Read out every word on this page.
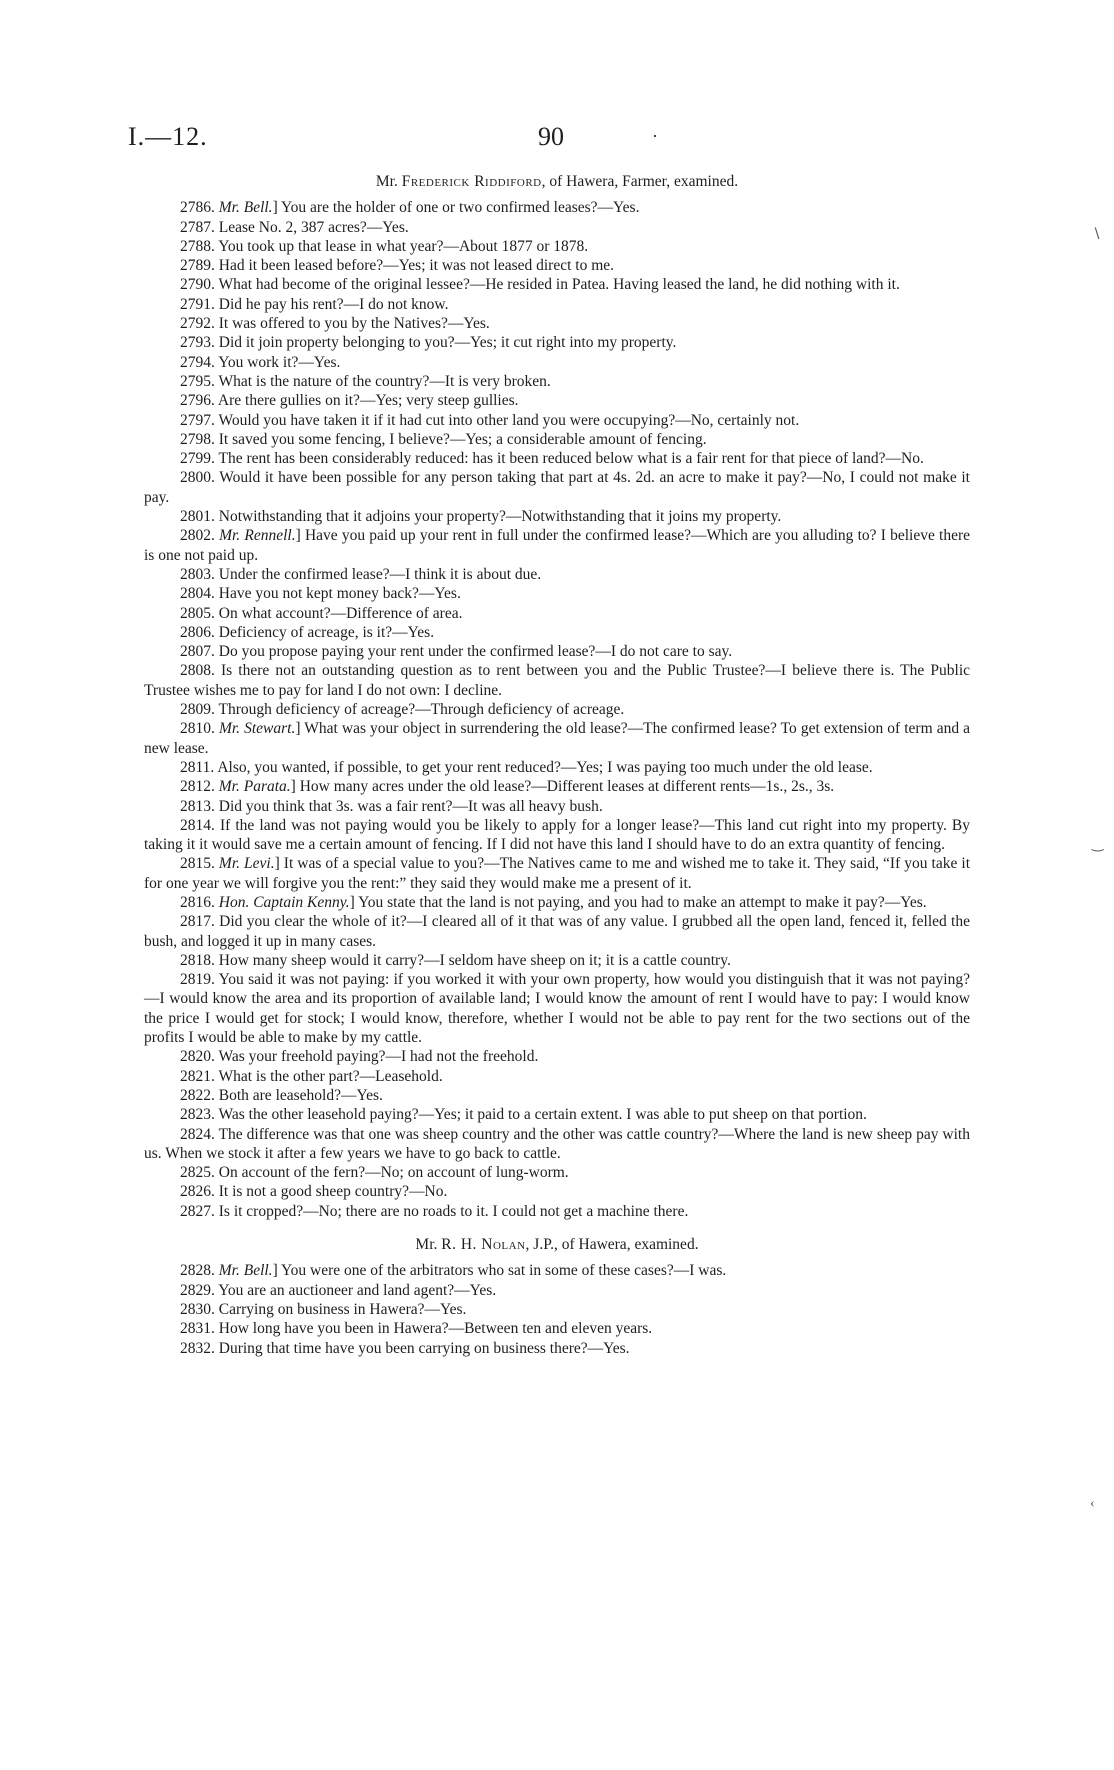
I.—12.	90	·
∖
‿
‹
Mr. Frederick Riddiford, of Hawera, Farmer, examined.

2786. Mr. Bell.] You are the holder of one or two confirmed leases?—Yes.

2787. Lease No. 2, 387 acres?—Yes.

2788. You took up that lease in what year?—About 1877 or 1878.

2789. Had it been leased before?—Yes; it was not leased direct to me.

2790. What had become of the original lessee?—He resided in Patea. Having leased the land, he did nothing with it.

2791. Did he pay his rent?—I do not know.

2792. It was offered to you by the Natives?—Yes.

2793. Did it join property belonging to you?—Yes; it cut right into my property.

2794. You work it?—Yes.

2795. What is the nature of the country?—It is very broken.

2796. Are there gullies on it?—Yes; very steep gullies.

2797. Would you have taken it if it had cut into other land you were occupying?—No, certainly not.

2798. It saved you some fencing, I believe?—Yes; a considerable amount of fencing.

2799. The rent has been considerably reduced: has it been reduced below what is a fair rent for that piece of land?—No.

2800. Would it have been possible for any person taking that part at 4s. 2d. an acre to make it pay?—No, I could not make it pay.

2801. Notwithstanding that it adjoins your property?—Notwithstanding that it joins my property.

2802. Mr. Rennell.] Have you paid up your rent in full under the confirmed lease?—Which are you alluding to? I believe there is one not paid up.

2803. Under the confirmed lease?—I think it is about due.

2804. Have you not kept money back?—Yes.

2805. On what account?—Difference of area.

2806. Deficiency of acreage, is it?—Yes.

2807. Do you propose paying your rent under the confirmed lease?—I do not care to say.

2808. Is there not an outstanding question as to rent between you and the Public Trustee?—I believe there is. The Public Trustee wishes me to pay for land I do not own: I decline.

2809. Through deficiency of acreage?—Through deficiency of acreage.

2810. Mr. Stewart.] What was your object in surrendering the old lease?—The confirmed lease? To get extension of term and a new lease.

2811. Also, you wanted, if possible, to get your rent reduced?—Yes; I was paying too much under the old lease.

2812. Mr. Parata.] How many acres under the old lease?—Different leases at different rents—1s., 2s., 3s.

2813. Did you think that 3s. was a fair rent?—It was all heavy bush.

2814. If the land was not paying would you be likely to apply for a longer lease?—This land cut right into my property. By taking it it would save me a certain amount of fencing. If I did not have this land I should have to do an extra quantity of fencing.

2815. Mr. Levi.] It was of a special value to you?—The Natives came to me and wished me to take it. They said, “If you take it for one year we will forgive you the rent:” they said they would make me a present of it.

2816. Hon. Captain Kenny.] You state that the land is not paying, and you had to make an attempt to make it pay?—Yes.

2817. Did you clear the whole of it?—I cleared all of it that was of any value. I grubbed all the open land, fenced it, felled the bush, and logged it up in many cases.

2818. How many sheep would it carry?—I seldom have sheep on it; it is a cattle country.

2819. You said it was not paying: if you worked it with your own property, how would you distinguish that it was not paying?—I would know the area and its proportion of available land; I would know the amount of rent I would have to pay: I would know the price I would get for stock; I would know, therefore, whether I would not be able to pay rent for the two sections out of the profits I would be able to make by my cattle.

2820. Was your freehold paying?—I had not the freehold.

2821. What is the other part?—Leasehold.

2822. Both are leasehold?—Yes.

2823. Was the other leasehold paying?—Yes; it paid to a certain extent. I was able to put sheep on that portion.

2824. The difference was that one was sheep country and the other was cattle country?—Where the land is new sheep pay with us. When we stock it after a few years we have to go back to cattle.

2825. On account of the fern?—No; on account of lung-worm.

2826. It is not a good sheep country?—No.

2827. Is it cropped?—No; there are no roads to it. I could not get a machine there.

Mr. R. H. Nolan, J.P., of Hawera, examined.

2828. Mr. Bell.] You were one of the arbitrators who sat in some of these cases?—I was.

2829. You are an auctioneer and land agent?—Yes.

2830. Carrying on business in Hawera?—Yes.

2831. How long have you been in Hawera?—Between ten and eleven years.

2832. During that time have you been carrying on business there?—Yes.
